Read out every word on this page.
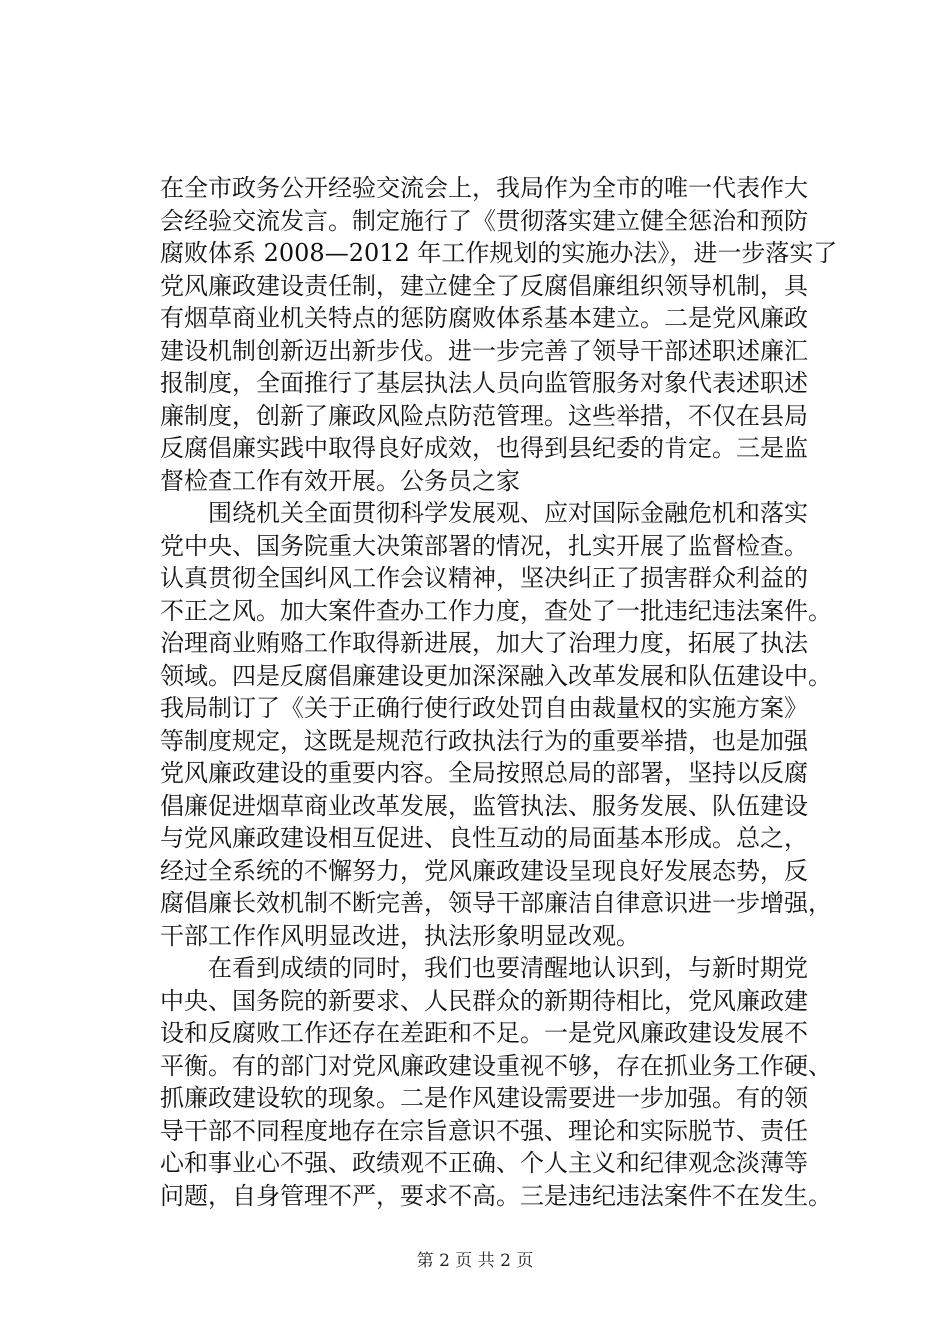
在全市政务公开经验交流会上，我局作为全市的唯一代表作大
会经验交流发言。制定施行了《贯彻落实建立健全惩治和预防
腐败体系 2008—2012 年工作规划的实施办法》，进一步落实了
党风廉政建设责任制，建立健全了反腐倡廉组织领导机制，具
有烟草商业机关特点的惩防腐败体系基本建立。二是党风廉政
建设机制创新迈出新步伐。进一步完善了领导干部述职述廉汇
报制度，全面推行了基层执法人员向监管服务对象代表述职述
廉制度，创新了廉政风险点防范管理。这些举措，不仅在县局
反腐倡廉实践中取得良好成效，也得到县纪委的肯定。三是监
督检查工作有效开展。公务员之家
　　围绕机关全面贯彻科学发展观、应对国际金融危机和落实
党中央、国务院重大决策部署的情况，扎实开展了监督检查。
认真贯彻全国纠风工作会议精神，坚决纠正了损害群众利益的
不正之风。加大案件查办工作力度，查处了一批违纪违法案件。
治理商业贿赂工作取得新进展，加大了治理力度，拓展了执法
领域。四是反腐倡廉建设更加深深融入改革发展和队伍建设中。
我局制订了《关于正确行使行政处罚自由裁量权的实施方案》
等制度规定，这既是规范行政执法行为的重要举措，也是加强
党风廉政建设的重要内容。全局按照总局的部署，坚持以反腐
倡廉促进烟草商业改革发展，监管执法、服务发展、队伍建设
与党风廉政建设相互促进、良性互动的局面基本形成。总之，
经过全系统的不懈努力，党风廉政建设呈现良好发展态势，反
腐倡廉长效机制不断完善，领导干部廉洁自律意识进一步增强，
干部工作作风明显改进，执法形象明显改观。
　　在看到成绩的同时，我们也要清醒地认识到，与新时期党
中央、国务院的新要求、人民群众的新期待相比，党风廉政建
设和反腐败工作还存在差距和不足。一是党风廉政建设发展不
平衡。有的部门对党风廉政建设重视不够，存在抓业务工作硬、
抓廉政建设软的现象。二是作风建设需要进一步加强。有的领
导干部不同程度地存在宗旨意识不强、理论和实际脱节、责任
心和事业心不强、政绩观不正确、个人主义和纪律观念淡薄等
问题，自身管理不严，要求不高。三是违纪违法案件不在发生。
第 2 页 共 2 页
